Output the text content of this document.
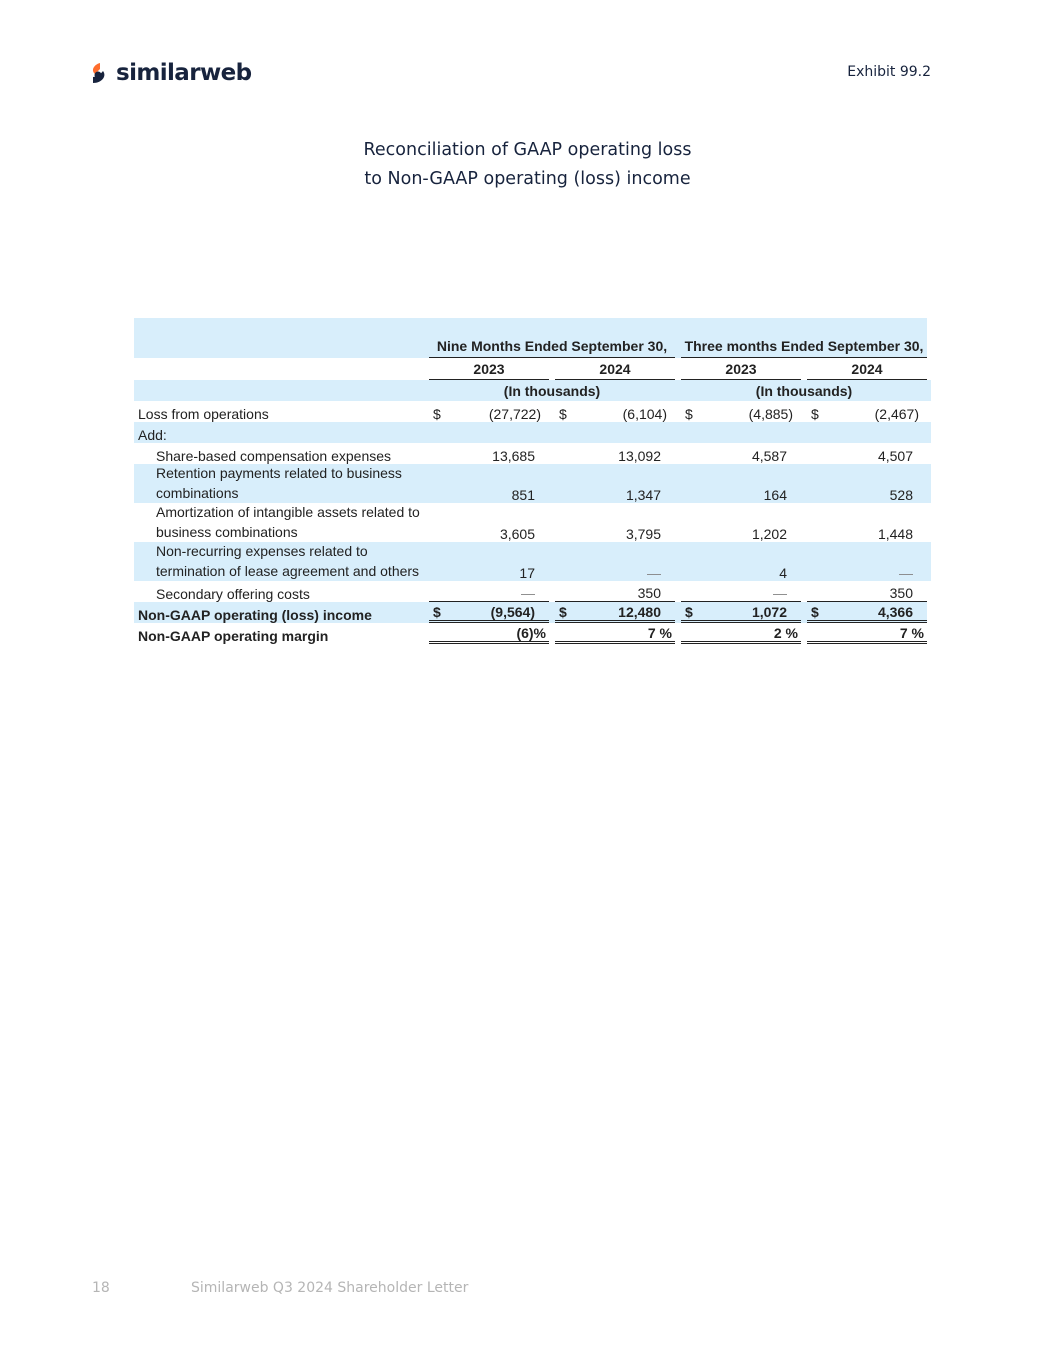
similarweb	Exhibit 99.2
Reconciliation of GAAP operating loss
to Non-GAAP operating (loss) income
		Nine Months Ended September 30,						Three months Ended September 30,					
		2023			2024			2023			2024		
		(In thousands)						(In thousands)					
Loss from operations		$	(27,722)		$	(6,104)		$	(4,885)		$	(2,467)	
Add:													
Share-based compensation expenses			13,685			13,092			4,587			4,507	
Retention payments related to business combinations			851			1,347			164			528	
Amortization of intangible assets related to business combinations			3,605			3,795			1,202			1,448	
Non-recurring expenses related to termination of lease agreement and others			17			—			4			—	
Secondary offering costs			—			350			—			350	
Non-GAAP operating (loss) income		$	(9,564)		$	12,480		$	1,072		$	4,366	
Non-GAAP operating margin			(6)%			7 %			2 %			7 %	
18	Similarweb Q3 2024 Shareholder Letter
